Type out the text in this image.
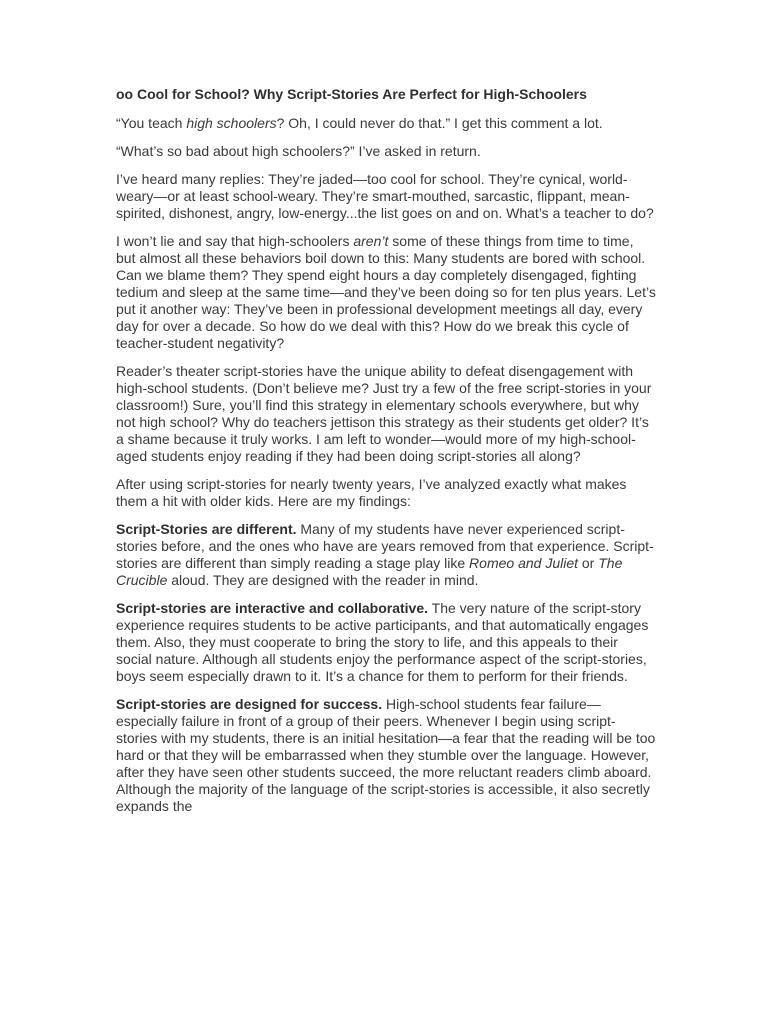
oo Cool for School? Why Script-Stories Are Perfect for High-Schoolers

“You teach high schoolers? Oh, I could never do that.” I get this comment a lot.

“What’s so bad about high schoolers?” I’ve asked in return.

I’ve heard many replies: They’re jaded—too cool for school. They’re cynical, world-weary—or at least school-weary. They’re smart-mouthed, sarcastic, flippant, mean-spirited, dishonest, angry, low-energy...the list goes on and on. What’s a teacher to do?

I won’t lie and say that high-schoolers aren’t some of these things from time to time, but almost all these behaviors boil down to this: Many students are bored with school. Can we blame them? They spend eight hours a day completely disengaged, fighting tedium and sleep at the same time—and they’ve been doing so for ten plus years. Let’s put it another way: They’ve been in professional development meetings all day, every day for over a decade. So how do we deal with this? How do we break this cycle of teacher-student negativity?

Reader’s theater script-stories have the unique ability to defeat disengagement with high-school students. (Don’t believe me? Just try a few of the free script-stories in your classroom!) Sure, you’ll find this strategy in elementary schools everywhere, but why not high school? Why do teachers jettison this strategy as their students get older? It’s a shame because it truly works. I am left to wonder—would more of my high-school-aged students enjoy reading if they had been doing script-stories all along?

After using script-stories for nearly twenty years, I’ve analyzed exactly what makes them a hit with older kids. Here are my findings:

Script-Stories are different. Many of my students have never experienced script-stories before, and the ones who have are years removed from that experience. Script-stories are different than simply reading a stage play like Romeo and Juliet or The Crucible aloud. They are designed with the reader in mind.

Script-stories are interactive and collaborative. The very nature of the script-story experience requires students to be active participants, and that automatically engages them. Also, they must cooperate to bring the story to life, and this appeals to their social nature. Although all students enjoy the performance aspect of the script-stories, boys seem especially drawn to it. It’s a chance for them to perform for their friends.

Script-stories are designed for success. High-school students fear failure—especially failure in front of a group of their peers. Whenever I begin using script-stories with my students, there is an initial hesitation—a fear that the reading will be too hard or that they will be embarrassed when they stumble over the language. However, after they have seen other students succeed, the more reluctant readers climb aboard. Although the majority of the language of the script-stories is accessible, it also secretly expands the
